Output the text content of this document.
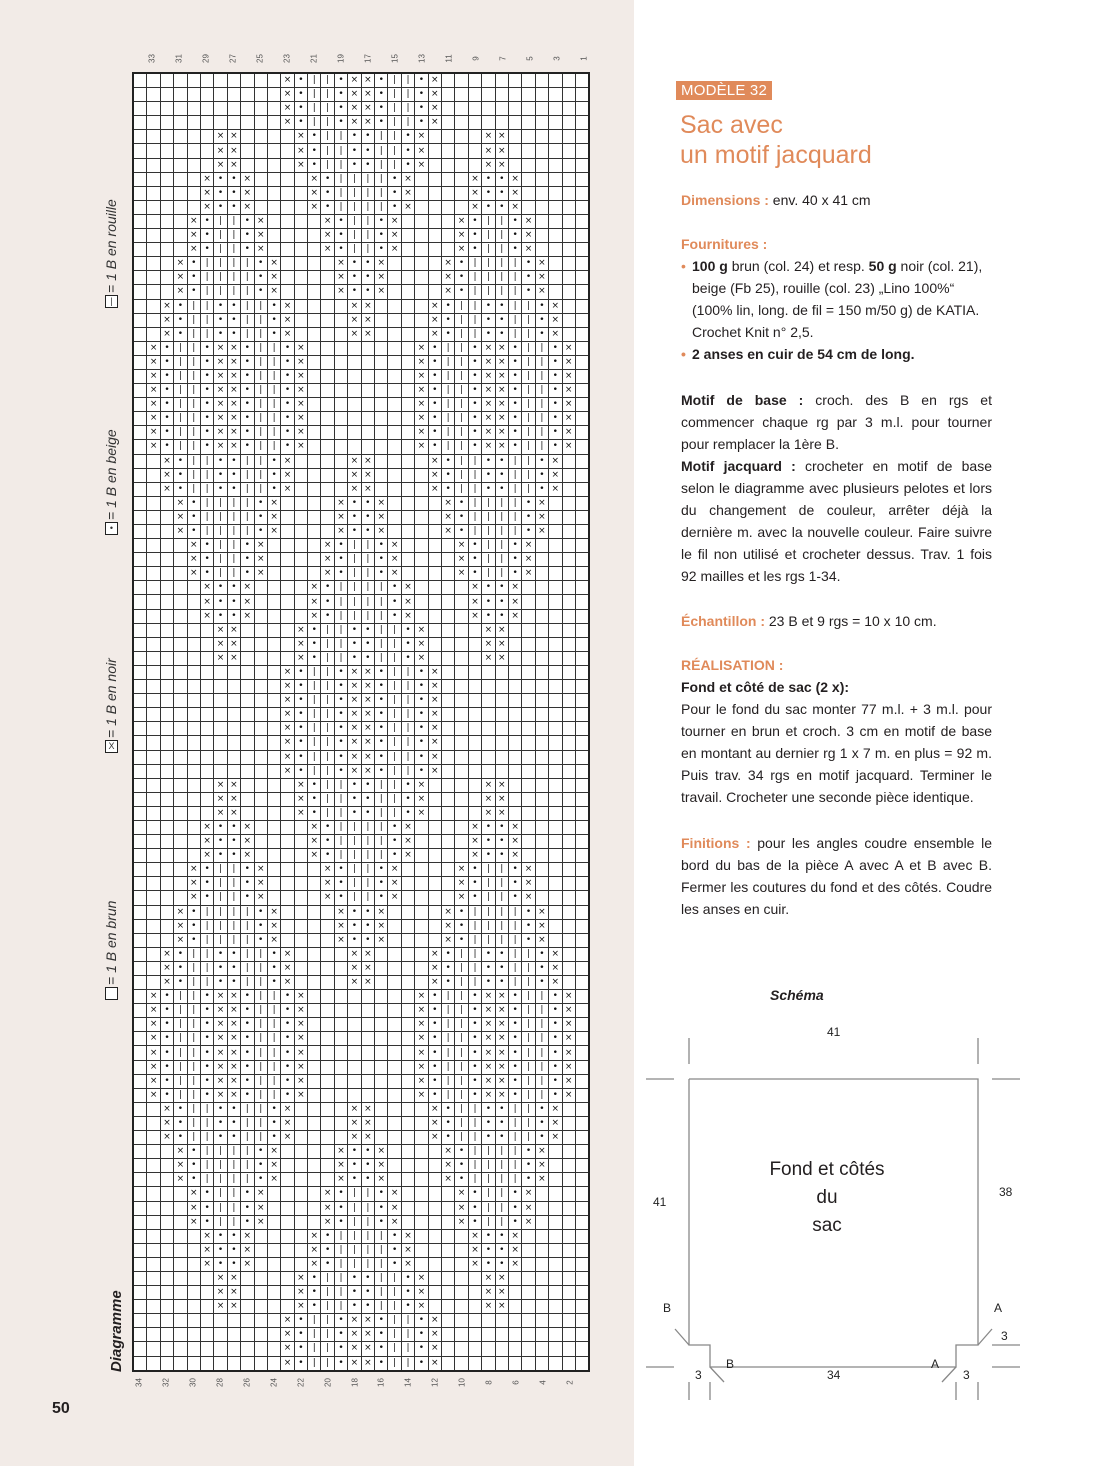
33 31 29 27 25 23 21 19 17 15 13 11 9 7 5 3 1
34 32 30 28 26 24 22 20 18 16 14 12 10 8 6 4 2
											×	•	|	|	•	×	×	•	|	|	•	×											
											×	•	|	|	•	×	×	•	|	|	•	×											
											×	•	|	|	•	×	×	•	|	|	•	×											
											×	•	|	|	•	×	×	•	|	|	•	×											
						×	×					×	•	|	|	•	•	|	|	•	×					×	×						
						×	×					×	•	|	|	•	•	|	|	•	×					×	×						
						×	×					×	•	|	|	•	•	|	|	•	×					×	×						
					×	•	•	×					×	•	|	|	|	|	•	×					×	•	•	×					
					×	•	•	×					×	•	|	|	|	|	•	×					×	•	•	×					
					×	•	•	×					×	•	|	|	|	|	•	×					×	•	•	×					
				×	•	|	|	•	×					×	•	|	|	•	×					×	•	|	|	•	×				
				×	•	|	|	•	×					×	•	|	|	•	×					×	•	|	|	•	×				
				×	•	|	|	•	×					×	•	|	|	•	×					×	•	|	|	•	×				
			×	•	|	|	|	|	•	×					×	•	•	×					×	•	|	|	|	|	•	×			
			×	•	|	|	|	|	•	×					×	•	•	×					×	•	|	|	|	|	•	×			
			×	•	|	|	|	|	•	×					×	•	•	×					×	•	|	|	|	|	•	×			
		×	•	|	|	•	•	|	|	•	×					×	×					×	•	|	|	•	•	|	|	•	×		
		×	•	|	|	•	•	|	|	•	×					×	×					×	•	|	|	•	•	|	|	•	×		
		×	•	|	|	•	•	|	|	•	×					×	×					×	•	|	|	•	•	|	|	•	×		
	×	•	|	|	•	×	×	•	|	|	•	×									×	•	|	|	•	×	×	•	|	|	•	×	
	×	•	|	|	•	×	×	•	|	|	•	×									×	•	|	|	•	×	×	•	|	|	•	×	
	×	•	|	|	•	×	×	•	|	|	•	×									×	•	|	|	•	×	×	•	|	|	•	×	
	×	•	|	|	•	×	×	•	|	|	•	×									×	•	|	|	•	×	×	•	|	|	•	×	
	×	•	|	|	•	×	×	•	|	|	•	×									×	•	|	|	•	×	×	•	|	|	•	×	
	×	•	|	|	•	×	×	•	|	|	•	×									×	•	|	|	•	×	×	•	|	|	•	×	
	×	•	|	|	•	×	×	•	|	|	•	×									×	•	|	|	•	×	×	•	|	|	•	×	
	×	•	|	|	•	×	×	•	|	|	•	×									×	•	|	|	•	×	×	•	|	|	•	×	
		×	•	|	|	•	•	|	|	•	×					×	×					×	•	|	|	•	•	|	|	•	×		
		×	•	|	|	•	•	|	|	•	×					×	×					×	•	|	|	•	•	|	|	•	×		
		×	•	|	|	•	•	|	|	•	×					×	×					×	•	|	|	•	•	|	|	•	×		
			×	•	|	|	|	|	•	×					×	•	•	×					×	•	|	|	|	|	•	×			
			×	•	|	|	|	|	•	×					×	•	•	×					×	•	|	|	|	|	•	×			
			×	•	|	|	|	|	•	×					×	•	•	×					×	•	|	|	|	|	•	×			
				×	•	|	|	•	×					×	•	|	|	•	×					×	•	|	|	•	×				
				×	•	|	|	•	×					×	•	|	|	•	×					×	•	|	|	•	×				
				×	•	|	|	•	×					×	•	|	|	•	×					×	•	|	|	•	×				
					×	•	•	×					×	•	|	|	|	|	•	×					×	•	•	×					
					×	•	•	×					×	•	|	|	|	|	•	×					×	•	•	×					
					×	•	•	×					×	•	|	|	|	|	•	×					×	•	•	×					
						×	×					×	•	|	|	•	•	|	|	•	×					×	×						
						×	×					×	•	|	|	•	•	|	|	•	×					×	×						
						×	×					×	•	|	|	•	•	|	|	•	×					×	×						
											×	•	|	|	•	×	×	•	|	|	•	×											
											×	•	|	|	•	×	×	•	|	|	•	×											
											×	•	|	|	•	×	×	•	|	|	•	×											
											×	•	|	|	•	×	×	•	|	|	•	×											
											×	•	|	|	•	×	×	•	|	|	•	×											
											×	•	|	|	•	×	×	•	|	|	•	×											
											×	•	|	|	•	×	×	•	|	|	•	×											
											×	•	|	|	•	×	×	•	|	|	•	×											
						×	×					×	•	|	|	•	•	|	|	•	×					×	×						
						×	×					×	•	|	|	•	•	|	|	•	×					×	×						
						×	×					×	•	|	|	•	•	|	|	•	×					×	×						
					×	•	•	×					×	•	|	|	|	|	•	×					×	•	•	×					
					×	•	•	×					×	•	|	|	|	|	•	×					×	•	•	×					
					×	•	•	×					×	•	|	|	|	|	•	×					×	•	•	×					
				×	•	|	|	•	×					×	•	|	|	•	×					×	•	|	|	•	×				
				×	•	|	|	•	×					×	•	|	|	•	×					×	•	|	|	•	×				
				×	•	|	|	•	×					×	•	|	|	•	×					×	•	|	|	•	×				
			×	•	|	|	|	|	•	×					×	•	•	×					×	•	|	|	|	|	•	×			
			×	•	|	|	|	|	•	×					×	•	•	×					×	•	|	|	|	|	•	×			
			×	•	|	|	|	|	•	×					×	•	•	×					×	•	|	|	|	|	•	×			
		×	•	|	|	•	•	|	|	•	×					×	×					×	•	|	|	•	•	|	|	•	×		
		×	•	|	|	•	•	|	|	•	×					×	×					×	•	|	|	•	•	|	|	•	×		
		×	•	|	|	•	•	|	|	•	×					×	×					×	•	|	|	•	•	|	|	•	×		
	×	•	|	|	•	×	×	•	|	|	•	×									×	•	|	|	•	×	×	•	|	|	•	×	
	×	•	|	|	•	×	×	•	|	|	•	×									×	•	|	|	•	×	×	•	|	|	•	×	
	×	•	|	|	•	×	×	•	|	|	•	×									×	•	|	|	•	×	×	•	|	|	•	×	
	×	•	|	|	•	×	×	•	|	|	•	×									×	•	|	|	•	×	×	•	|	|	•	×	
	×	•	|	|	•	×	×	•	|	|	•	×									×	•	|	|	•	×	×	•	|	|	•	×	
	×	•	|	|	•	×	×	•	|	|	•	×									×	•	|	|	•	×	×	•	|	|	•	×	
	×	•	|	|	•	×	×	•	|	|	•	×									×	•	|	|	•	×	×	•	|	|	•	×	
	×	•	|	|	•	×	×	•	|	|	•	×									×	•	|	|	•	×	×	•	|	|	•	×	
		×	•	|	|	•	•	|	|	•	×					×	×					×	•	|	|	•	•	|	|	•	×		
		×	•	|	|	•	•	|	|	•	×					×	×					×	•	|	|	•	•	|	|	•	×		
		×	•	|	|	•	•	|	|	•	×					×	×					×	•	|	|	•	•	|	|	•	×		
			×	•	|	|	|	|	•	×					×	•	•	×					×	•	|	|	|	|	•	×			
			×	•	|	|	|	|	•	×					×	•	•	×					×	•	|	|	|	|	•	×			
			×	•	|	|	|	|	•	×					×	•	•	×					×	•	|	|	|	|	•	×			
				×	•	|	|	•	×					×	•	|	|	•	×					×	•	|	|	•	×				
				×	•	|	|	•	×					×	•	|	|	•	×					×	•	|	|	•	×				
				×	•	|	|	•	×					×	•	|	|	•	×					×	•	|	|	•	×				
					×	•	•	×					×	•	|	|	|	|	•	×					×	•	•	×					
					×	•	•	×					×	•	|	|	|	|	•	×					×	•	•	×					
					×	•	•	×					×	•	|	|	|	|	•	×					×	•	•	×					
						×	×					×	•	|	|	•	•	|	|	•	×					×	×						
						×	×					×	•	|	|	•	•	|	|	•	×					×	×						
						×	×					×	•	|	|	•	•	|	|	•	×					×	×						
											×	•	|	|	•	×	×	•	|	|	•	×											
											×	•	|	|	•	×	×	•	|	|	•	×											
											×	•	|	|	•	×	×	•	|	|	•	×											
											×	•	|	|	•	×	×	•	|	|	•	×											
= 1 B en brun
X
= 1 B en noir
•
= 1 B en beige
|
= 1 B en rouille
Diagramme
50
MODÈLE 32
Sac avec
un motif jacquard
Dimensions : env. 40 x 41 cm
Fournitures :
• 100 g brun (col. 24) et resp. 50 g noir (col. 21), beige (Fb 25), rouille (col. 23) „Lino 100%“ (100% lin, long. de fil = 150 m/50 g) de KATIA. Crochet Knit n° 2,5.
• 2 anses en cuir de 54 cm de long.
Motif de base : croch. des B en rgs et commencer chaque rg par 3 m.l. pour tourner pour remplacer la 1ère B.
Motif jacquard : crocheter en motif de base selon le diagramme avec plusieurs pelotes et lors du changement de couleur, arrêter déjà la dernière m. avec la nouvelle couleur. Faire suivre le fil non utilisé et crocheter dessus. Trav. 1 fois 92 mailles et les rgs 1-34.
Échantillon : 23 B et 9 rgs = 10 x 10 cm.
RÉALISATION :
Fond et côté de sac (2 x):
Pour le fond du sac monter 77 m.l. + 3 m.l. pour tourner en brun et croch. 3 cm en motif de base en montant au dernier rg 1 x 7 m. en plus = 92 m. Puis trav. 34 rgs en motif jacquard. Terminer le travail. Crocheter une seconde pièce identique.
Finitions : pour les angles coudre ensemble le bord du bas de la pièce A avec A et B avec B. Fermer les coutures du fond et des côtés. Coudre les anses en cuir.
Schéma
41
41
38
34
3	3
3
B
B
A
A
Fond et côtés
du
sac
